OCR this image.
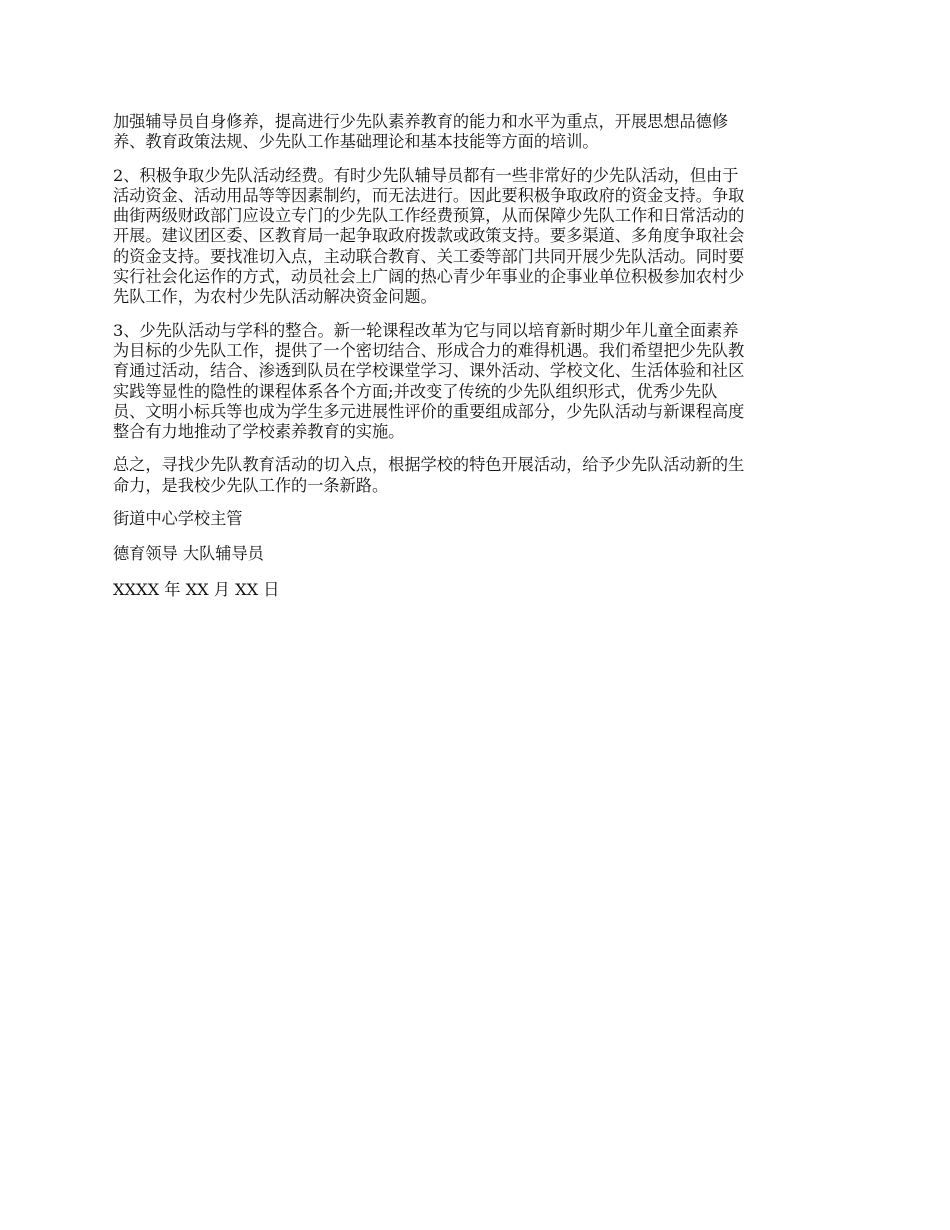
加强辅导员自身修养，提高进行少先队素养教育的能力和水平为重点，开展思想品德修
养、教育政策法规、少先队工作基础理论和基本技能等方面的培训。

2、积极争取少先队活动经费。有时少先队辅导员都有一些非常好的少先队活动，但由于
活动资金、活动用品等等因素制约，而无法进行。因此要积极争取政府的资金支持。争取
曲街两级财政部门应设立专门的少先队工作经费预算，从而保障少先队工作和日常活动的
开展。建议团区委、区教育局一起争取政府拨款或政策支持。要多渠道、多角度争取社会
的资金支持。要找准切入点，主动联合教育、关工委等部门共同开展少先队活动。同时要
实行社会化运作的方式，动员社会上广阔的热心青少年事业的企事业单位积极参加农村少
先队工作，为农村少先队活动解决资金问题。

3、少先队活动与学科的整合。新一轮课程改革为它与同以培育新时期少年儿童全面素养
为目标的少先队工作，提供了一个密切结合、形成合力的难得机遇。我们希望把少先队教
育通过活动，结合、渗透到队员在学校课堂学习、课外活动、学校文化、生活体验和社区
实践等显性的隐性的课程体系各个方面;并改变了传统的少先队组织形式，优秀少先队
员、文明小标兵等也成为学生多元进展性评价的重要组成部分，少先队活动与新课程高度
整合有力地推动了学校素养教育的实施。

总之，寻找少先队教育活动的切入点，根据学校的特色开展活动，给予少先队活动新的生
命力，是我校少先队工作的一条新路。

街道中心学校主管
德育领导 大队辅导员
XXXX 年 XX 月 XX 日
